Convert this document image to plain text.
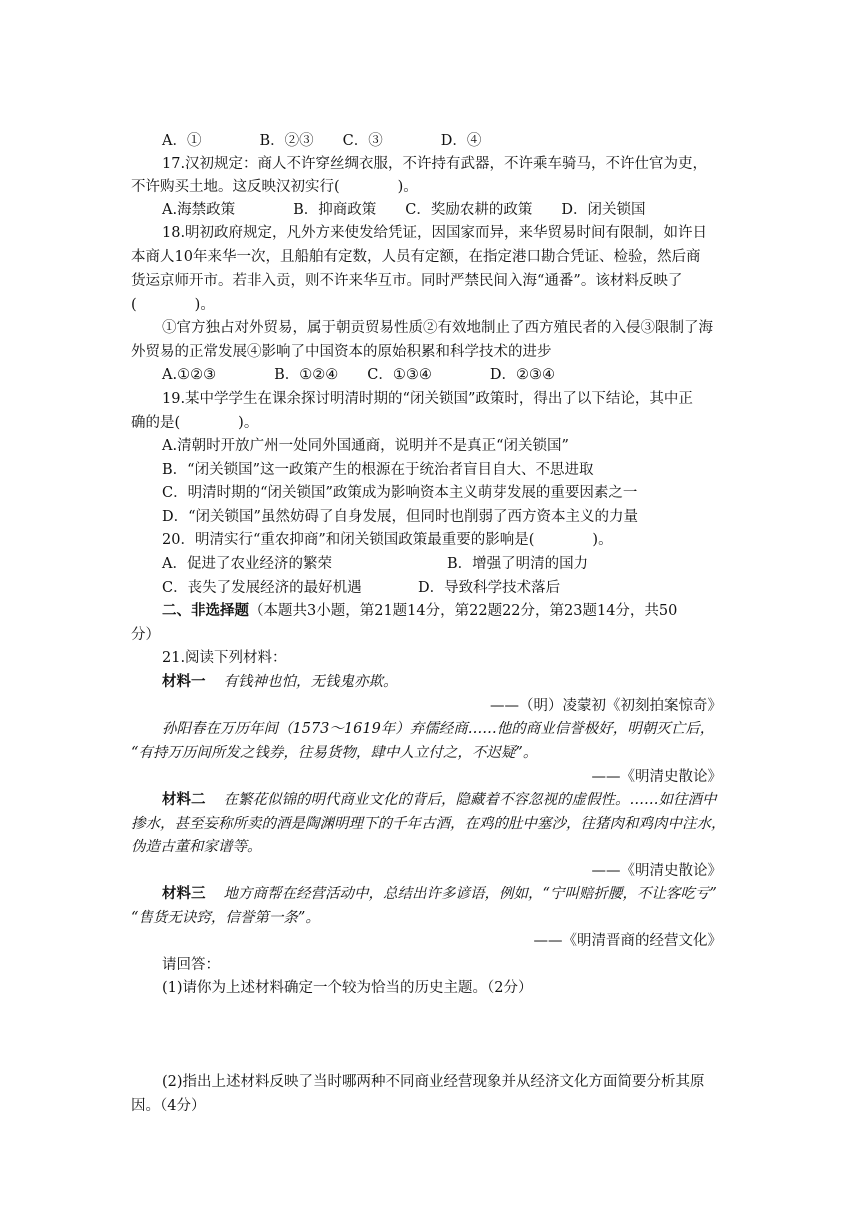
A．①　　　　B．②③　　C．③　　　　D．④
17.汉初规定：商人不许穿丝绸衣服，不许持有武器，不许乘车骑马，不许仕官为吏，
不许购买土地。这反映汉初实行(　　　　)。
A.海禁政策　　　　B．抑商政策　　C．奖励农耕的政策　　D．闭关锁国
18.明初政府规定，凡外方来使发给凭证，因国家而异，来华贸易时间有限制，如许日
本商人10年来华一次，且船舶有定数，人员有定额，在指定港口勘合凭证、检验，然后商
货运京师开市。若非入贡，则不许来华互市。同时严禁民间入海“通番”。该材料反映了
(　　　　)。
①官方独占对外贸易，属于朝贡贸易性质②有效地制止了西方殖民者的入侵③限制了海
外贸易的正常发展④影响了中国资本的原始积累和科学技术的进步
A.①②③　　　　B．①②④　　C．①③④　　　　D．②③④
19.某中学学生在课余探讨明清时期的“闭关锁国”政策时，得出了以下结论，其中正
确的是(　　　　)。
A.清朝时开放广州一处同外国通商，说明并不是真正“闭关锁国”
B．“闭关锁国”这一政策产生的根源在于统治者盲目自大、不思进取
C．明清时期的“闭关锁国”政策成为影响资本主义萌芽发展的重要因素之一
D．“闭关锁国”虽然妨碍了自身发展，但同时也削弱了西方资本主义的力量
20．明清实行“重农抑商”和闭关锁国政策最重要的影响是(　　　　)。
A．促进了农业经济的繁荣	B．增强了明清的国力
C．丧失了发展经济的最好机遇	D．导致科学技术落后
二、非选择题（本题共3小题，第21题14分，第22题22分，第23题14分，共50
分）
21.阅读下列材料：
材料一 有钱神也怕，无钱鬼亦欺。
——（明）凌蒙初《初刻拍案惊奇》
孙阳春在万历年间（1573～1619年）弃儒经商……他的商业信誉极好，明朝灭亡后，
“有持万历间所发之钱券，往易货物，肆中人立付之，不迟疑”。
——《明清史散论》
材料二 在繁花似锦的明代商业文化的背后，隐藏着不容忽视的虚假性。……如往酒中
掺水，甚至妄称所卖的酒是陶渊明理下的千年古酒，在鸡的肚中塞沙，往猪肉和鸡肉中注水，
伪造古董和家谱等。
——《明清史散论》
材料三 地方商帮在经营活动中，总结出许多谚语，例如，“宁叫赔折腰，不让客吃亏”
“售货无诀窍，信誉第一条”。
——《明清晋商的经营文化》
请回答：
(1)请你为上述材料确定一个较为恰当的历史主题。（2分）
(2)指出上述材料反映了当时哪两种不同商业经营现象并从经济文化方面简要分析其原
因。（4分）
